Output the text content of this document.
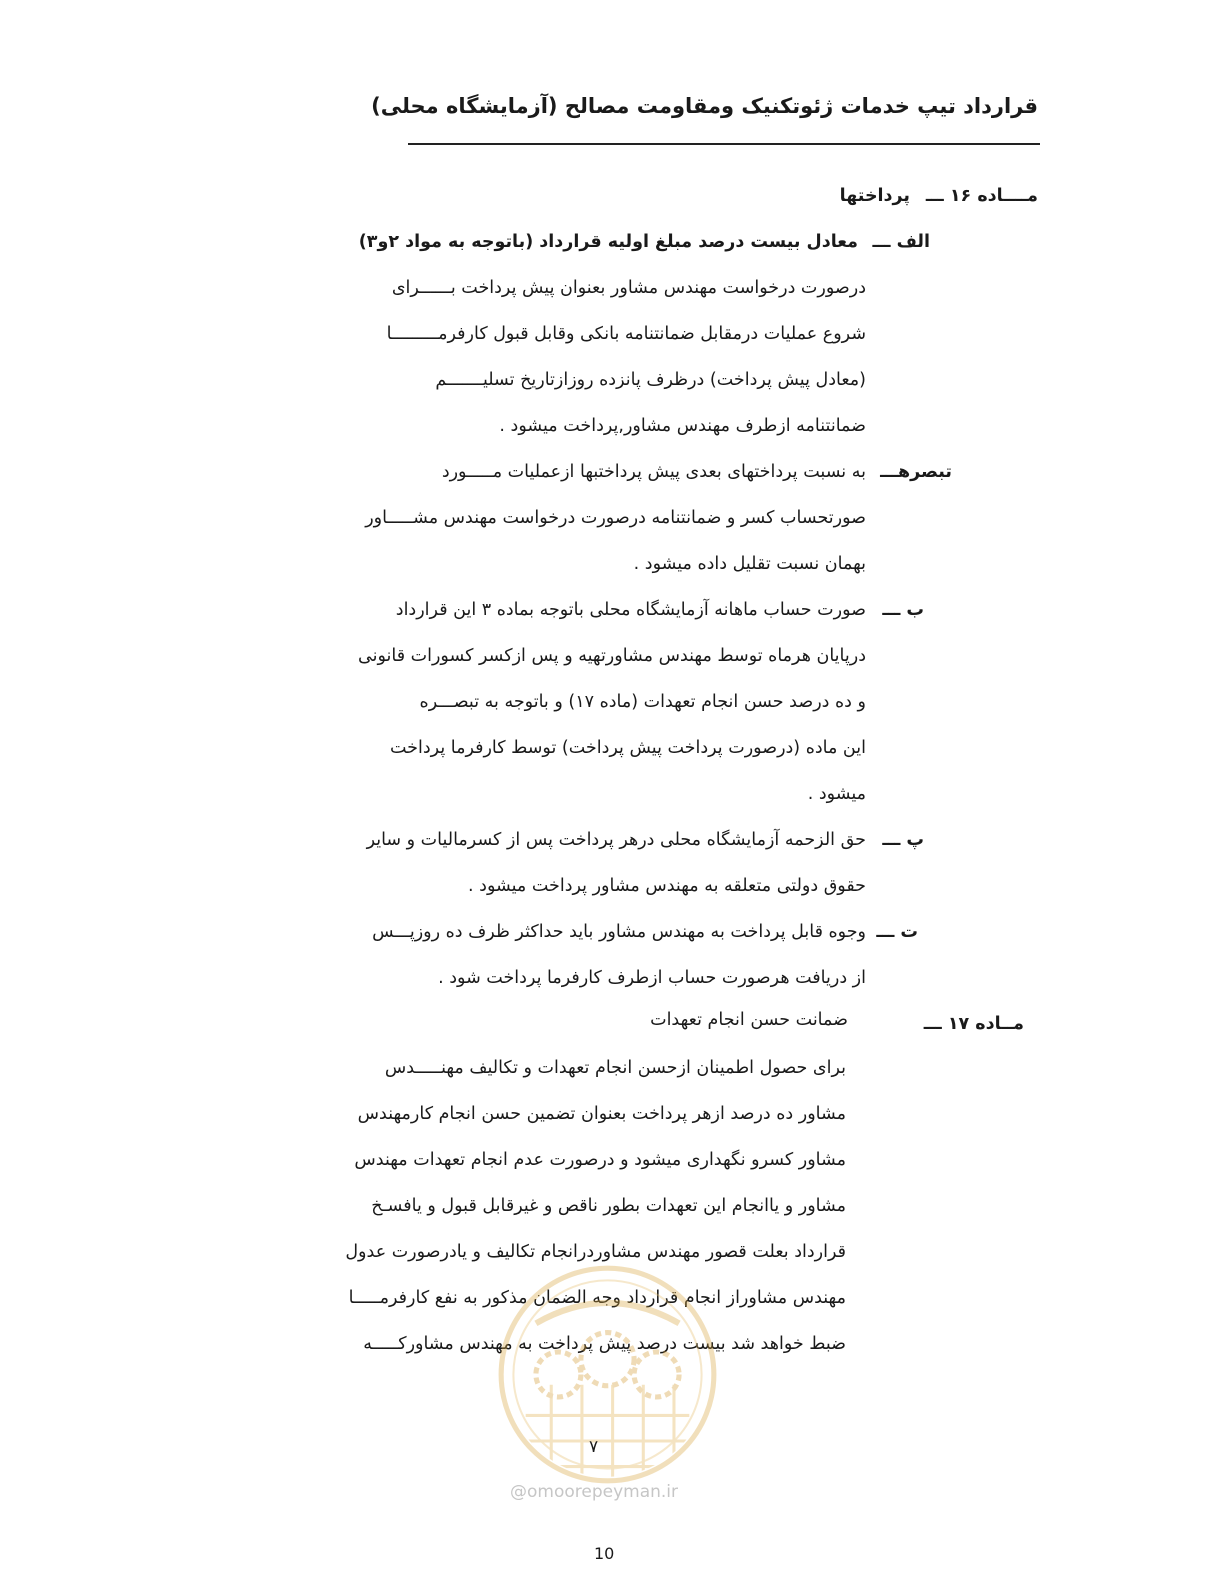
قرارداد تیپ خدمات ژئوتکنیک ومقاومت مصالح (آزمایشگاه محلی)
مــــاده ۱۶ ـــ
پرداختها
الف ـــ
معادل بیست درصد مبلغ اولیه قرارداد (باتوجه به مواد ۲و۳)
درصورت درخواست مهندس مشاور بعنوان پیش پرداخت بــــــرای
شروع عملیات درمقابل ضمانتنامه بانکی وقابل قبول کارفرمـــــــــا
(معادل پیش پرداخت) درظرف پانزده روزازتاریخ تسلیـــــــم
ضمانتنامه ازطرف مهندس مشاور,پرداخت میشود .
تبصرهـــ
به نسبت پرداختهای بعدی پیش پرداختبها ازعملیات مـــــورد
صورتحساب کسر و ضمانتنامه درصورت درخواست مهندس مشـــــاور
بهمان نسبت تقلیل داده میشود .
ب ـــ
صورت حساب ماهانه آزمایشگاه محلی باتوجه بماده ۳ این قرارداد
درپایان هرماه توسط مهندس مشاورتهیه و پس ازکسر کسورات قانونی
و ده درصد حسن انجام تعهدات (ماده ۱۷) و باتوجه به تبصـــره
این ماده (درصورت پرداخت پیش پرداخت) توسط کارفرما پرداخت
میشود .
پ ـــ
حق الزحمه آزمایشگاه محلی درهر پرداخت پس از کسرمالیات و سایر
حقوق دولتی متعلقه به مهندس مشاور پرداخت میشود .
ت ـــ
وجوه قابل پرداخت به مهندس مشاور باید حداکثر ظرف ده روزپـــس
از دریافت هرصورت حساب ازطرف کارفرما پرداخت شود .
مــاده ۱۷ ـــ
ضمانت حسن انجام تعهدات
برای حصول اطمینان ازحسن انجام تعهدات و تکالیف مهنـــــدس
مشاور ده درصد ازهر پرداخت بعنوان تضمین حسن انجام کارمهندس
مشاور کسرو نگهداری میشود و درصورت عدم انجام تعهدات مهندس
مشاور و یاانجام این تعهدات بطور ناقص و غیرقابل قبول و یافسـخ
قرارداد بعلت قصور مهندس مشاوردرانجام تکالیف و یادرصورت عدول
مهندس مشاوراز انجام قرارداد وجه الضمان مذکور به نفع کارفرمـــــا
ضبط خواهد شد بیست درصد پیش پرداخت به مهندس مشاورکـــــه
۷
@omoorepeyman.ir
10
